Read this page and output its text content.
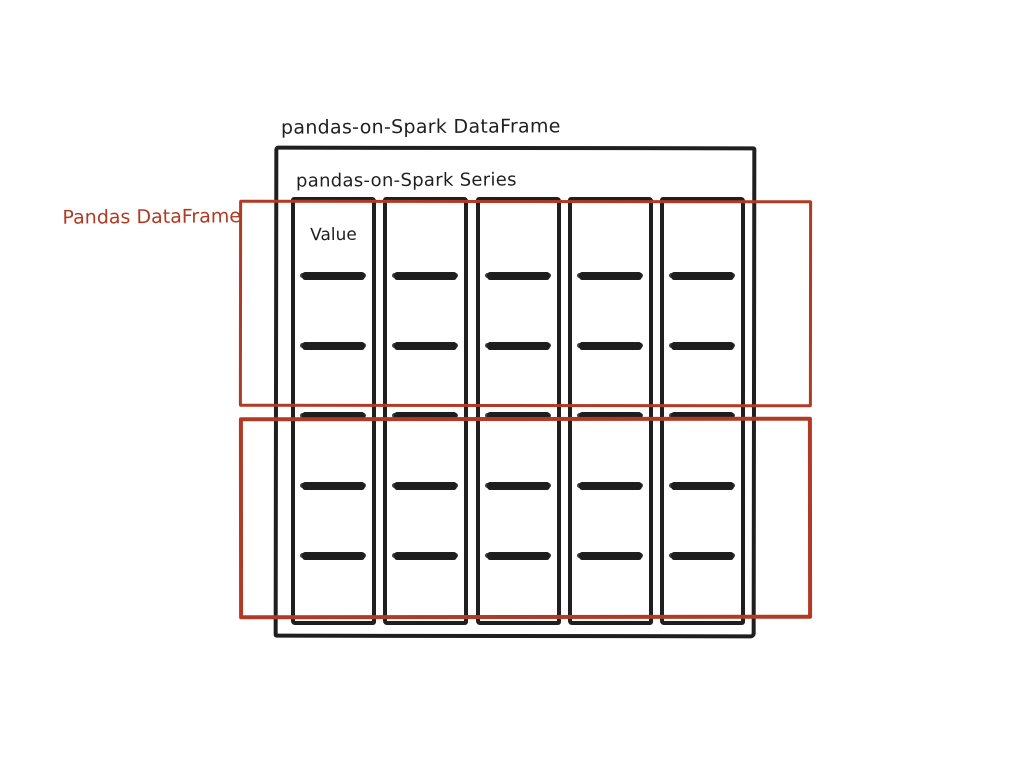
pandas-on-Spark DataFrame
pandas-on-Spark Series
Value
Pandas DataFrame
